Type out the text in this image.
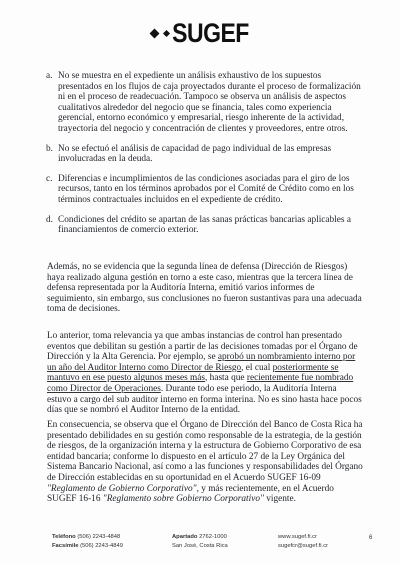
SUGEF
a. No se muestra en el expediente un análisis exhaustivo de los supuestos presentados en los flujos de caja proyectados durante el proceso de formalización ni en el proceso de readecuación. Tampoco se observa un análisis de aspectos cualitativos alrededor del negocio que se financia, tales como experiencia gerencial, entorno económico y empresarial, riesgo inherente de la actividad, trayectoria del negocio y concentración de clientes y proveedores, entre otros.
b. No se efectuó el análisis de capacidad de pago individual de las empresas involucradas en la deuda.
c. Diferencias e incumplimientos de las condiciones asociadas para el giro de los recursos, tanto en los términos aprobados por el Comité de Crédito como en los términos contractuales incluidos en el expediente de crédito.
d. Condiciones del crédito se apartan de las sanas prácticas bancarias aplicables a financiamientos de comercio exterior.

Además, no se evidencia que la segunda línea de defensa (Dirección de Riesgos) haya realizado alguna gestión en torno a este caso, mientras que la tercera línea de defensa representada por la Auditoría Interna, emitió varios informes de seguimiento, sin embargo, sus conclusiones no fueron sustantivas para una adecuada toma de decisiones.

Lo anterior, toma relevancia ya que ambas instancias de control han presentado eventos que debilitan su gestión a partir de las decisiones tomadas por el Órgano de Dirección y la Alta Gerencia. Por ejemplo, se aprobó un nombramiento interno por un año del Auditor Interno como Director de Riesgo, el cual posteriormente se mantuvo en ese puesto algunos meses más, hasta que recientemente fue nombrado como Director de Operaciones. Durante todo ese periodo, la Auditoría Interna estuvo a cargo del sub auditor interno en forma interina. No es sino hasta hace pocos días que se nombró el Auditor Interno de la entidad.

En consecuencia, se observa que el Órgano de Dirección del Banco de Costa Rica ha presentado debilidades en su gestión como responsable de la estrategia, de la gestión de riesgos, de la organización interna y la estructura de Gobierno Corporativo de esa entidad bancaria; conforme lo dispuesto en el artículo 27 de la Ley Orgánica del Sistema Bancario Nacional, así como a las funciones y responsabilidades del Órgano de Dirección establecidas en su oportunidad en el Acuerdo SUGEF 16-09 "Reglamento de Gobierno Corporativo", y más recientemente, en el Acuerdo SUGEF 16-16 "Reglamento sobre Gobierno Corporativo" vigente.

Teléfono (506) 2243-4848
Facsímile (506) 2243-4849
Apartado 2762-1000
San José, Costa Rica
www.sugef.fi.cr
sugefcr@sugef.fi.cr
6
